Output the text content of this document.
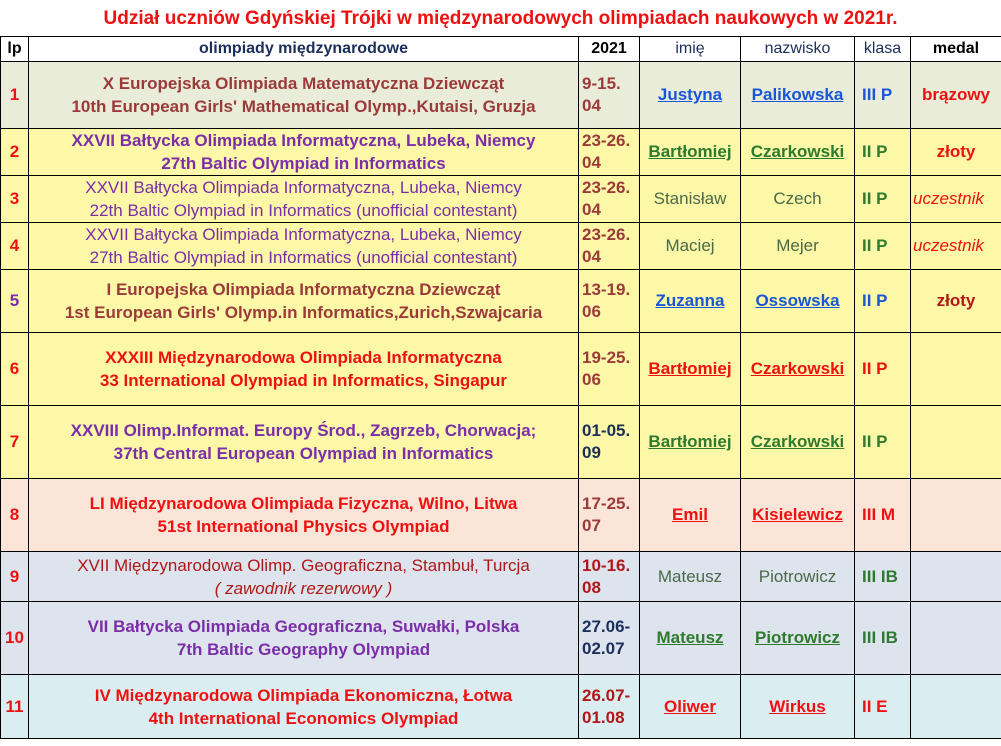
Udział uczniów Gdyńskiej Trójki w międzynarodowych olimpiadach naukowych w 2021r.
lp	olimpiady międzynarodowe	2021	imię	nazwisko	klasa	medal
1	X Europejska Olimpiada Matematyczna Dziewcząt
10th European Girls' Mathematical Olymp.,Kutaisi, Gruzja	9-15.
04	Justyna	Palikowska	III P	brązowy
2	XXVII Bałtycka Olimpiada Informatyczna, Lubeka, Niemcy
27th Baltic Olympiad in Informatics	23-26.
04	Bartłomiej	Czarkowski	II P	złoty
3	XXVII Bałtycka Olimpiada Informatyczna, Lubeka, Niemcy
22th Baltic Olympiad in Informatics (unofficial contestant)	23-26.
04	Stanisław	Czech	II P	uczestnik
4	XXVII Bałtycka Olimpiada Informatyczna, Lubeka, Niemcy
27th Baltic Olympiad in Informatics (unofficial contestant)	23-26.
04	Maciej	Mejer	II P	uczestnik
5	I Europejska Olimpiada Informatyczna Dziewcząt
1st European Girls' Olymp.in Informatics,Zurich,Szwajcaria	13-19.
06	Zuzanna	Ossowska	II P	złoty
6	XXXIII Międzynarodowa Olimpiada Informatyczna
33 International Olympiad in Informatics, Singapur	19-25.
06	Bartłomiej	Czarkowski	II P	
7	XXVIII Olimp.Informat. Europy Środ., Zagrzeb, Chorwacja;
37th Central European Olympiad in Informatics	01-05.
09	Bartłomiej	Czarkowski	II P	
8	LI Międzynarodowa Olimpiada Fizyczna, Wilno, Litwa
51st International Physics Olympiad	17-25.
07	Emil	Kisielewicz	III M	
9	XVII Międzynarodowa Olimp. Geograficzna, Stambuł, Turcja
( zawodnik rezerwowy )	10-16.
08	Mateusz	Piotrowicz	III IB	
10	VII Bałtycka Olimpiada Geograficzna, Suwałki, Polska
7th Baltic Geography Olympiad	27.06-
02.07	Mateusz	Piotrowicz	III IB	
11	IV Międzynarodowa Olimpiada Ekonomiczna, Łotwa
4th International Economics Olympiad	26.07-
01.08	Oliwer	Wirkus	II E	
